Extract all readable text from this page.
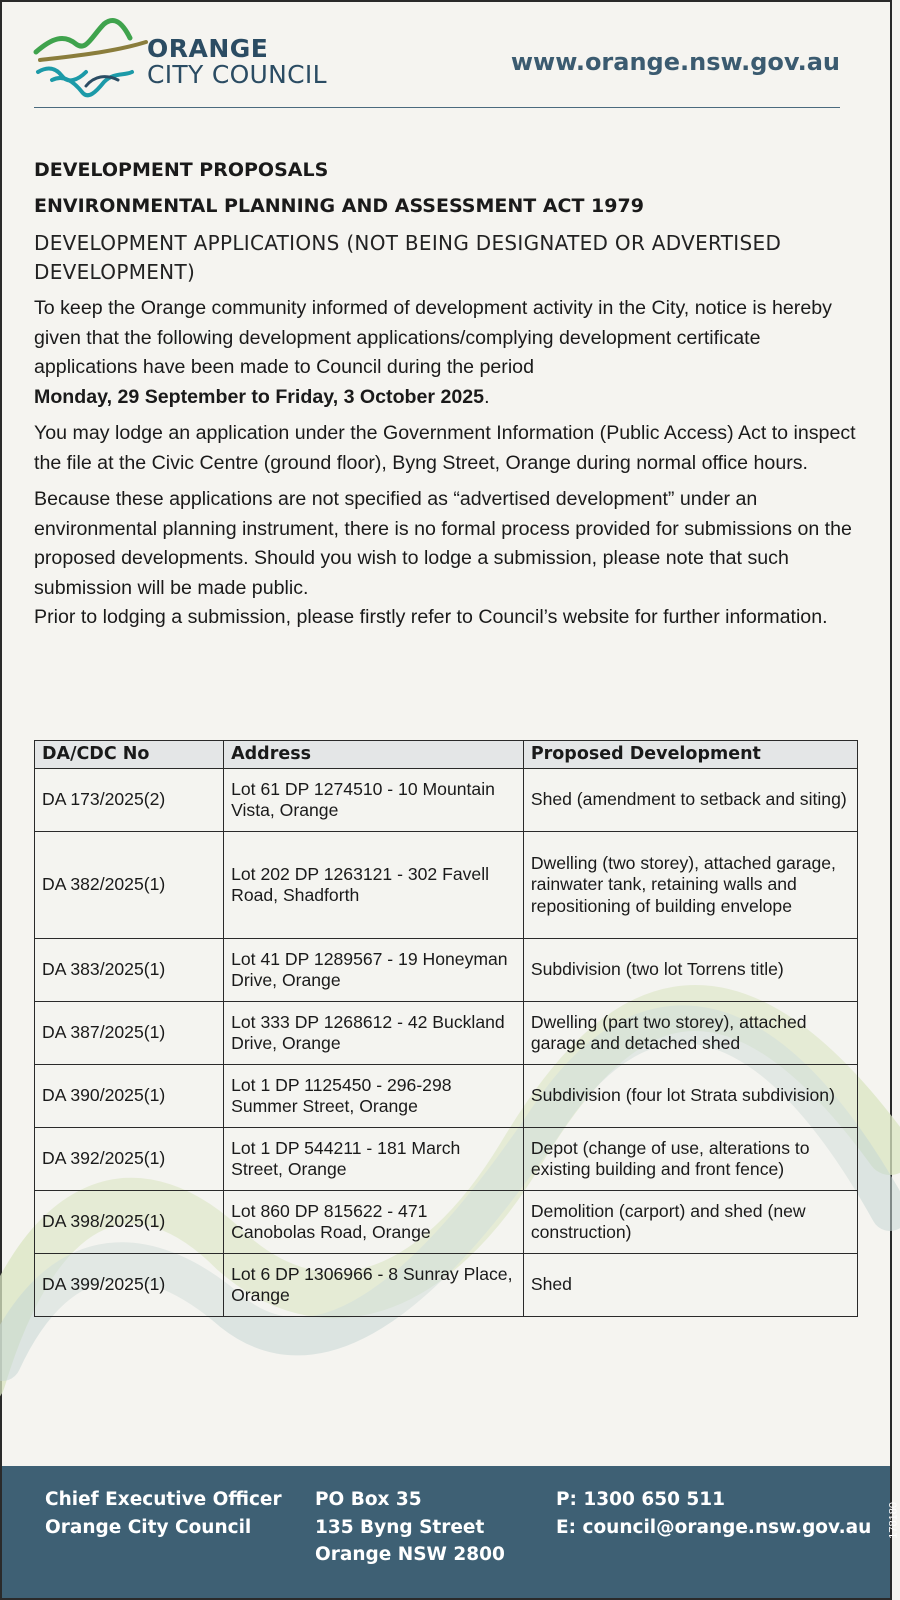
ORANGE
CITY COUNCIL	www.orange.nsw.gov.au

DEVELOPMENT PROPOSALS

ENVIRONMENTAL PLANNING AND ASSESSMENT ACT 1979

DEVELOPMENT APPLICATIONS (NOT BEING DESIGNATED OR ADVERTISED DEVELOPMENT)

To keep the Orange community informed of development activity in the City, notice is hereby given that the following development applications/complying development certificate applications have been made to Council during the period
Monday, 29 September to Friday, 3 October 2025.

You may lodge an application under the Government Information (Public Access) Act to inspect the file at the Civic Centre (ground floor), Byng Street, Orange during normal office hours.

Because these applications are not specified as “advertised development” under an environmental planning instrument, there is no formal process provided for submissions on the proposed developments. Should you wish to lodge a submission, please note that such submission will be made public.

Prior to lodging a submission, please firstly refer to Council’s website for further information.

DA/CDC No	Address	Proposed Development
DA 173/2025(2)	Lot 61 DP 1274510 - 10 Mountain Vista, Orange	Shed (amendment to setback and siting)
DA 382/2025(1)	Lot 202 DP 1263121 - 302 Favell Road, Shadforth	Dwelling (two storey), attached garage, rainwater tank, retaining walls and repositioning of building envelope
DA 383/2025(1)	Lot 41 DP 1289567 - 19 Honeyman Drive, Orange	Subdivision (two lot Torrens title)
DA 387/2025(1)	Lot 333 DP 1268612 - 42 Buckland Drive, Orange	Dwelling (part two storey), attached garage and detached shed
DA 390/2025(1)	Lot 1 DP 1125450 - 296-298 Summer Street, Orange	Subdivision (four lot Strata subdivision)
DA 392/2025(1)	Lot 1 DP 544211 - 181 March Street, Orange	Depot (change of use, alterations to existing building and front fence)
DA 398/2025(1)	Lot 860 DP 815622 - 471 Canobolas Road, Orange	Demolition (carport) and shed (new construction)
DA 399/2025(1)	Lot 6 DP 1306966 - 8 Sunray Place, Orange	Shed
Chief Executive Officer
Orange City Council
PO Box 35
135 Byng Street
Orange NSW 2800
P: 1300 650 511
E: council@orange.nsw.gov.au 178180
